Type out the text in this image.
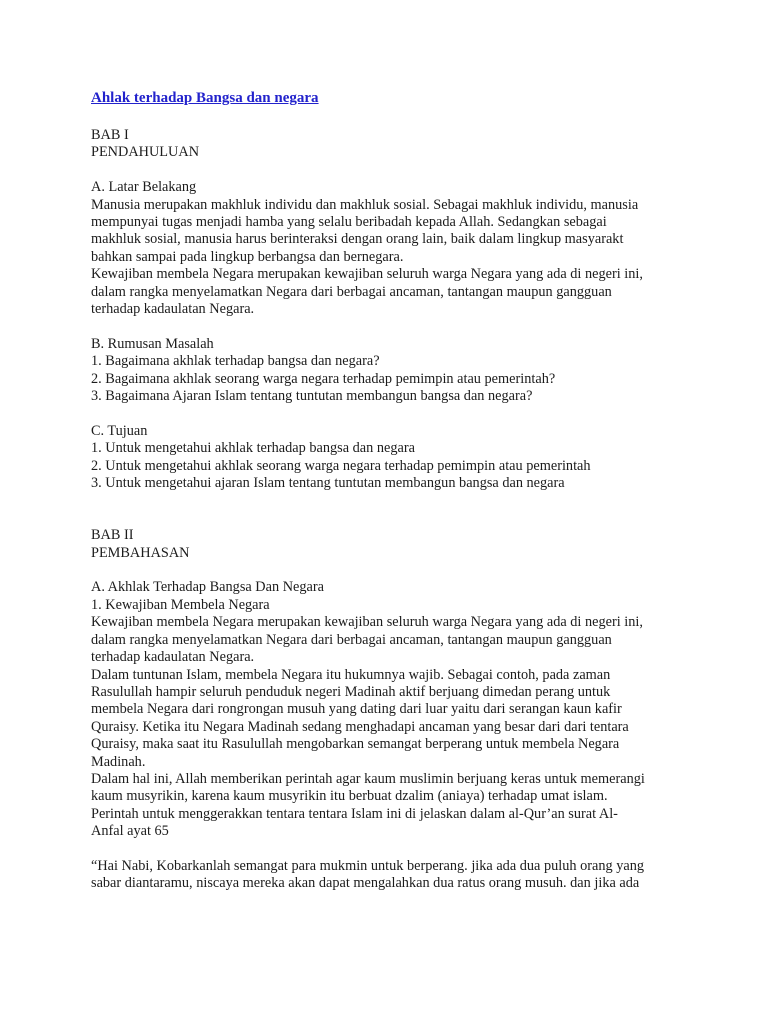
Ahlak terhadap Bangsa dan negara
BAB I
PENDAHULUAN
A. Latar Belakang
Manusia merupakan makhluk individu dan makhluk sosial. Sebagai makhluk individu, manusia
mempunyai tugas menjadi hamba yang selalu beribadah kepada Allah. Sedangkan sebagai
makhluk sosial, manusia harus berinteraksi dengan orang lain, baik dalam lingkup masyarakt
bahkan sampai pada lingkup berbangsa dan bernegara.
Kewajiban membela Negara merupakan kewajiban seluruh warga Negara yang ada di negeri ini,
dalam rangka menyelamatkan Negara dari berbagai ancaman, tantangan maupun gangguan
terhadap kadaulatan Negara.
B. Rumusan Masalah
1. Bagaimana akhlak terhadap bangsa dan negara?
2. Bagaimana akhlak seorang warga negara terhadap pemimpin atau pemerintah?
3. Bagaimana Ajaran Islam tentang tuntutan membangun bangsa dan negara?
C. Tujuan
1. Untuk mengetahui akhlak terhadap bangsa dan negara
2. Untuk mengetahui akhlak seorang warga negara terhadap pemimpin atau pemerintah
3. Untuk mengetahui ajaran Islam tentang tuntutan membangun bangsa dan negara
BAB II
PEMBAHASAN
A. Akhlak Terhadap Bangsa Dan Negara
1. Kewajiban Membela Negara
Kewajiban membela Negara merupakan kewajiban seluruh warga Negara yang ada di negeri ini,
dalam rangka menyelamatkan Negara dari berbagai ancaman, tantangan maupun gangguan
terhadap kadaulatan Negara.
Dalam tuntunan Islam, membela Negara itu hukumnya wajib. Sebagai contoh, pada zaman
Rasulullah hampir seluruh penduduk negeri Madinah aktif berjuang dimedan perang untuk
membela Negara dari rongrongan musuh yang dating dari luar yaitu dari serangan kaun kafir
Quraisy. Ketika itu Negara Madinah sedang menghadapi ancaman yang besar dari dari tentara
Quraisy, maka saat itu Rasulullah mengobarkan semangat berperang untuk membela Negara
Madinah.
Dalam hal ini, Allah memberikan perintah agar kaum muslimin berjuang keras untuk memerangi
kaum musyrikin, karena kaum musyrikin itu berbuat dzalim (aniaya) terhadap umat islam.
Perintah untuk menggerakkan tentara tentara Islam ini di jelaskan dalam al-Qur’an surat Al-
Anfal ayat 65
“Hai Nabi, Kobarkanlah semangat para mukmin untuk berperang. jika ada dua puluh orang yang
sabar diantaramu, niscaya mereka akan dapat mengalahkan dua ratus orang musuh. dan jika ada
